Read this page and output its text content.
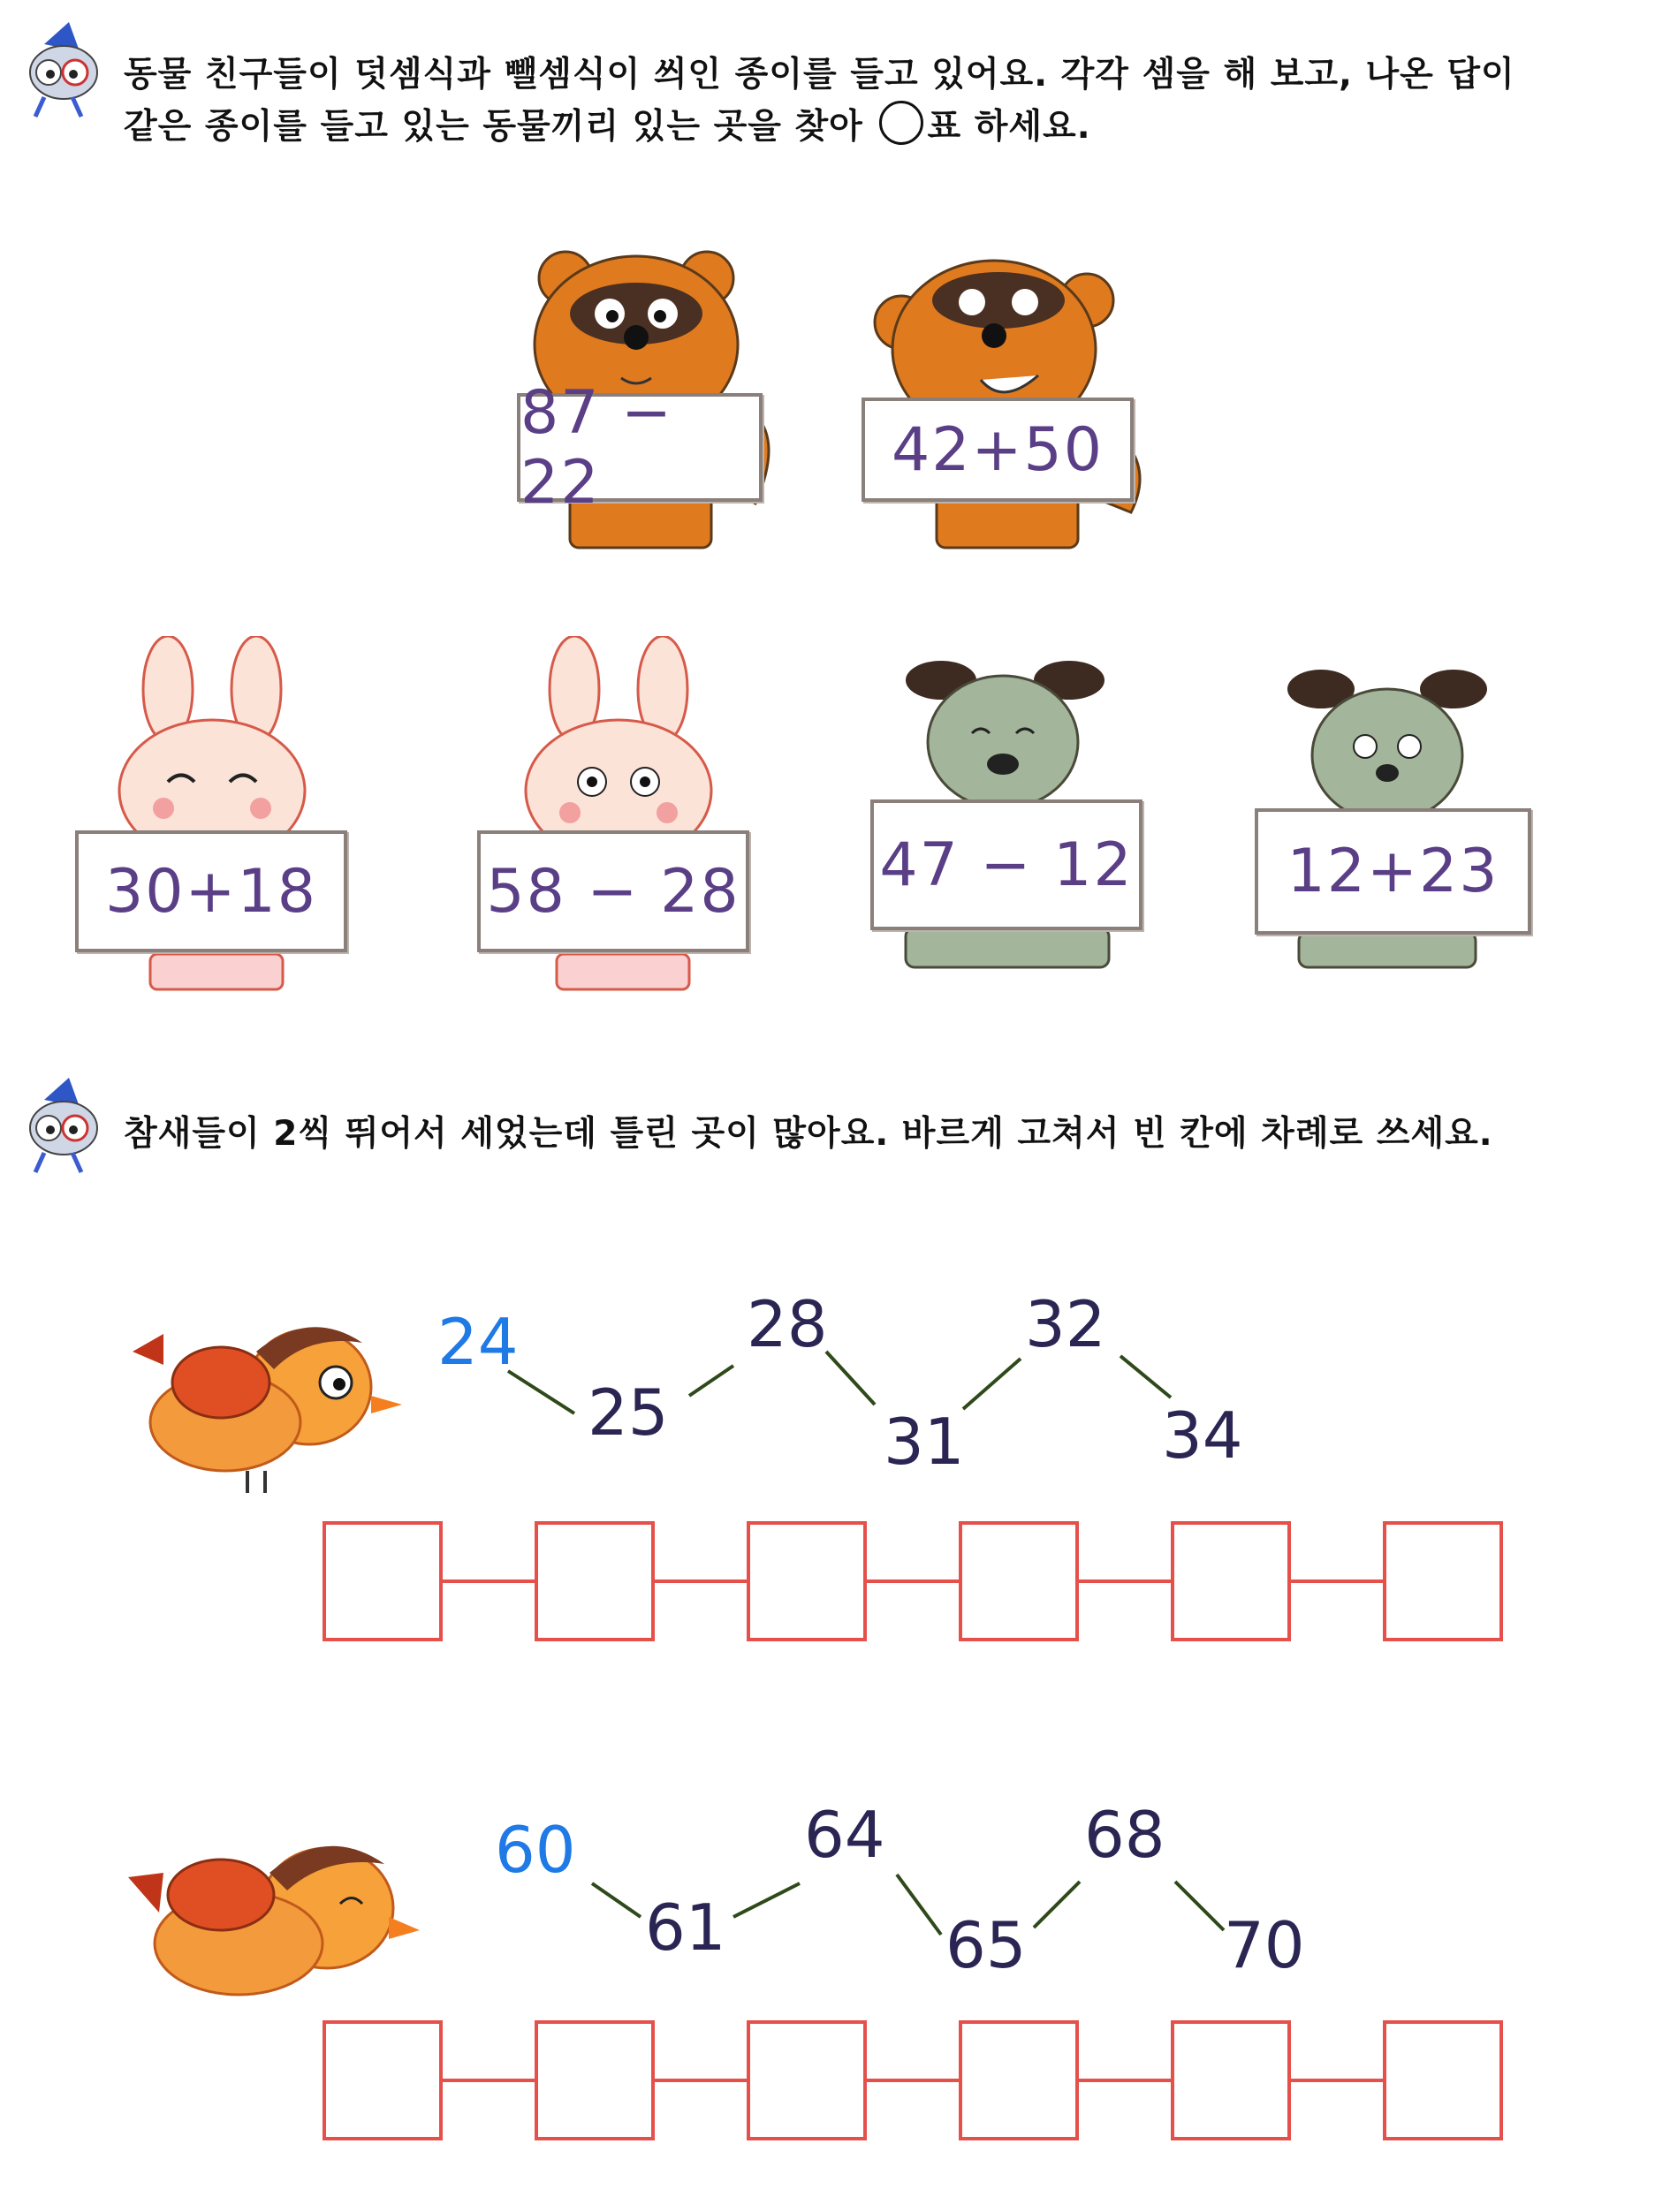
동물 친구들이 덧셈식과 뺄셈식이 씌인 종이를 들고 있어요. 각각 셈을 해 보고, 나온 답이
같은 종이를 들고 있는 동물끼리 있는 곳을 찾아 ○ 표 하세요.
87 − 22	42+50
30+18	58 − 28 47 − 12	12+23
참새들이 2씩 뛰어서 세었는데 틀린 곳이 많아요. 바르게 고쳐서 빈 칸에 차례로 쓰세요.
24
25
28
31
32
34
60
61
64
65
68
70
